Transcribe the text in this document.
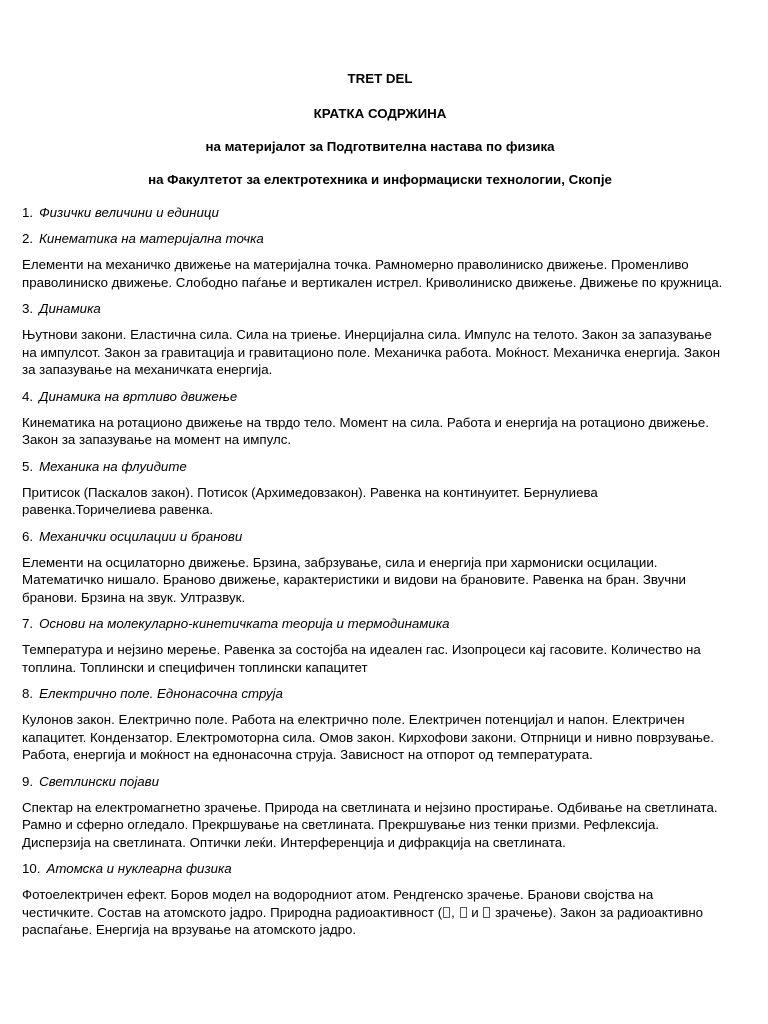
TRET DEL
КРАТКА СОДРЖИНА
на материјалот за Подготвителна настава по физика
на Факултетот за електротехника и информациски технологии, Скопје
1. Физички величини и единици
2. Кинематика на материјална точка

Елементи на механичко движење на материјална точка. Рамномерно праволиниско движење. Променливо праволиниско движење. Слободно паѓање и вертикален истрел. Криволиниско движење. Движење по кружница.

3. Динамика

Њутнови закони. Еластична сила. Сила на триење. Инерцијална сила. Импулс на телото. Закон за запазување на импулсот. Закон за гравитација и гравитационо поле. Механичка работа. Моќност. Механичка енергија. Закон за запазување на механичката енергија.

4. Динамика на вртливо движење

Кинематика на ротационо движење на тврдо тело. Момент на сила. Работа и енергија на ротационо движење. Закон за запазување на момент на импулс.

5. Механика на флуидите

Притисок (Паскалов закон). Потисок (Архимедовзакон). Равенка на континуитет. Бернулиева равенка.Торичелиева равенка.

6. Механички осцилации и бранови

Елементи на осцилаторно движење. Брзина, забрзување, сила и енергија при хармониски осцилации. Математичко нишало. Браново движење, карактеристики и видови на брановите. Равенка на бран. Звучни бранови. Брзина на звук. Ултразвук.

7. Основи на молекуларно-кинетичката теорија и термодинамика

Температура и нејзино мерење. Равенка за состојба на идеален гас. Изопроцеси кај гасовите. Количество на топлина. Топлински и специфичен топлински капацитет

8. Електрично поле. Еднонасочна струја

Кулонов закон. Електрично поле. Работа на електрично поле. Електричен потенцијал и напон. Електричен капацитет. Кондензатор. Електромоторна сила. Омов закон. Кирхофови закони. Отпрници и нивно поврзување. Работа, енергија и моќност на еднонасочна струја. Зависност на отпорот од температурата.

9. Светлински појави

Спектар на електромагнетно зрачење. Природа на светлината и нејзино простирање. Одбивање на светлината. Рамно и сферно огледало. Прекршување на светлината. Прекршување низ тенки призми. Рефлексија. Дисперзија на светлината. Оптички леќи. Интерференција и дифракција на светлината.

10. Атомска и нуклеарна физика

Фотоелектричен ефект. Боров модел на водородниот атом. Рендгенско зрачење. Бранови својства на честичките. Состав на атомското јадро. Природна радиоактивност ( ,  и  зрачење). Закон за радиоактивно распаѓање. Енергија на врзување на атомското јадро.
